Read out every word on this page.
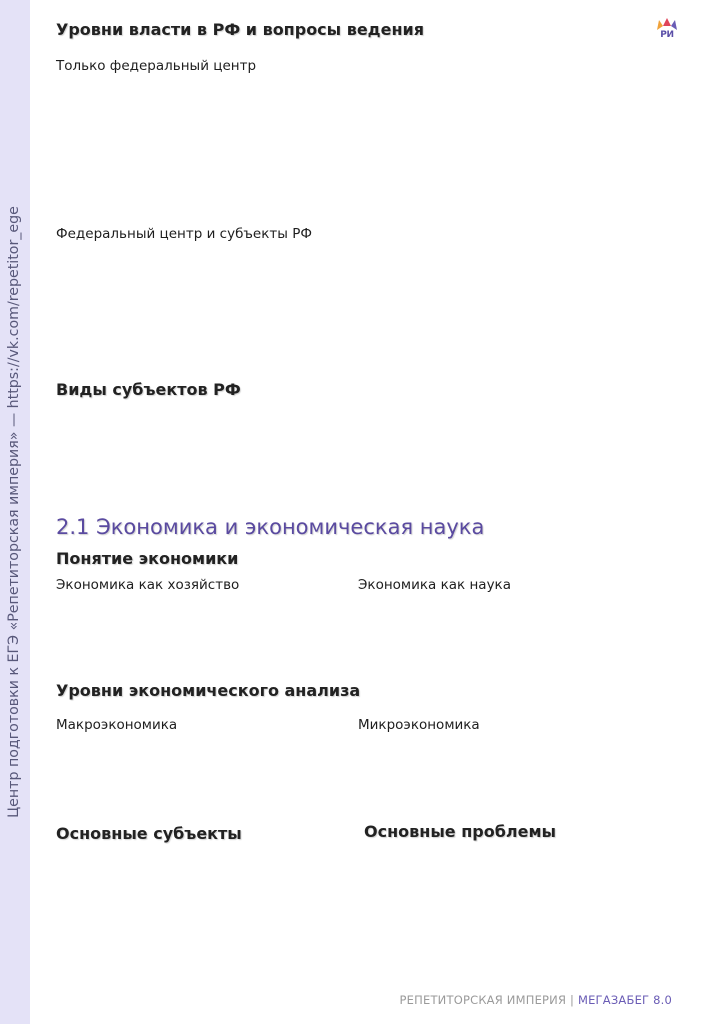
Центр подготовки к ЕГЭ «Репетиторская империя» — https://vk.com/repetitor_ege
РИ
Уровни власти в РФ и вопросы ведения
Только федеральный центр
Федеральный центр и субъекты РФ
Виды субъектов РФ
2.1 Экономика и экономическая наука
Понятие экономики
Экономика как хозяйство	Экономика как наука
Уровни экономического анализа
Макроэкономика	Микроэкономика
Основные субъекты	Основные проблемы
РЕПЕТИТОРСКАЯ ИМПЕРИЯ | МЕГАЗАБЕГ 8.0
